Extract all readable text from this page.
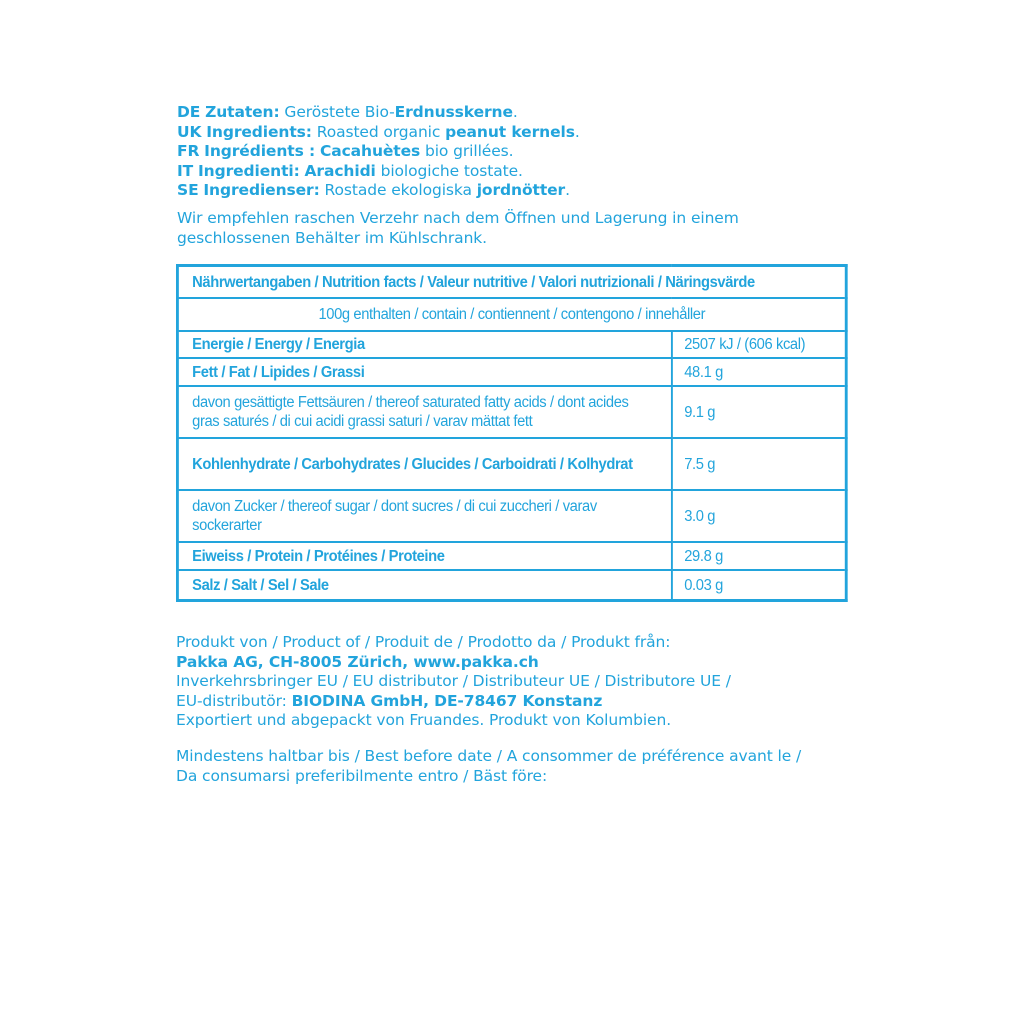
DE Zutaten: Geröstete Bio-Erdnusskerne.
UK Ingredients: Roasted organic peanut kernels.
FR Ingrédients : Cacahuètes bio grillées.
IT Ingredienti: Arachidi biologiche tostate.
SE Ingredienser: Rostade ekologiska jordnötter.
Wir empfehlen raschen Verzehr nach dem Öffnen und Lagerung in einem
geschlossenen Behälter im Kühlschrank.
Nährwertangaben / Nutrition facts / Valeur nutritive / Valori nutrizionali / Näringsvärde	
100g enthalten / contain / contiennent / contengono / innehåller	
Energie / Energy / Energia	2507 kJ / (606 kcal)
Fett / Fat / Lipides / Grassi	48.1 g
davon gesättigte Fettsäuren / thereof saturated fatty acids / dont acides gras saturés / di cui acidi grassi saturi / varav mättat fett	9.1 g
Kohlenhydrate / Carbohydrates / Glucides / Carboidrati / Kolhydrat	7.5 g
davon Zucker / thereof sugar / dont sucres / di cui zuccheri / varav sockerarter	3.0 g
Eiweiss / Protein / Protéines / Proteine	29.8 g
Salz / Salt / Sel / Sale	0.03 g
Produkt von / Product of / Produit de / Prodotto da / Produkt från:
Pakka AG, CH-8005 Zürich, www.pakka.ch
Inverkehrsbringer EU / EU distributor / Distributeur UE / Distributore UE /
EU-distributör: BIODINA GmbH, DE-78467 Konstanz
Exportiert und abgepackt von Fruandes. Produkt von Kolumbien.
Mindestens haltbar bis / Best before date / A consommer de préférence avant le /
Da consumarsi preferibilmente entro / Bäst före:
